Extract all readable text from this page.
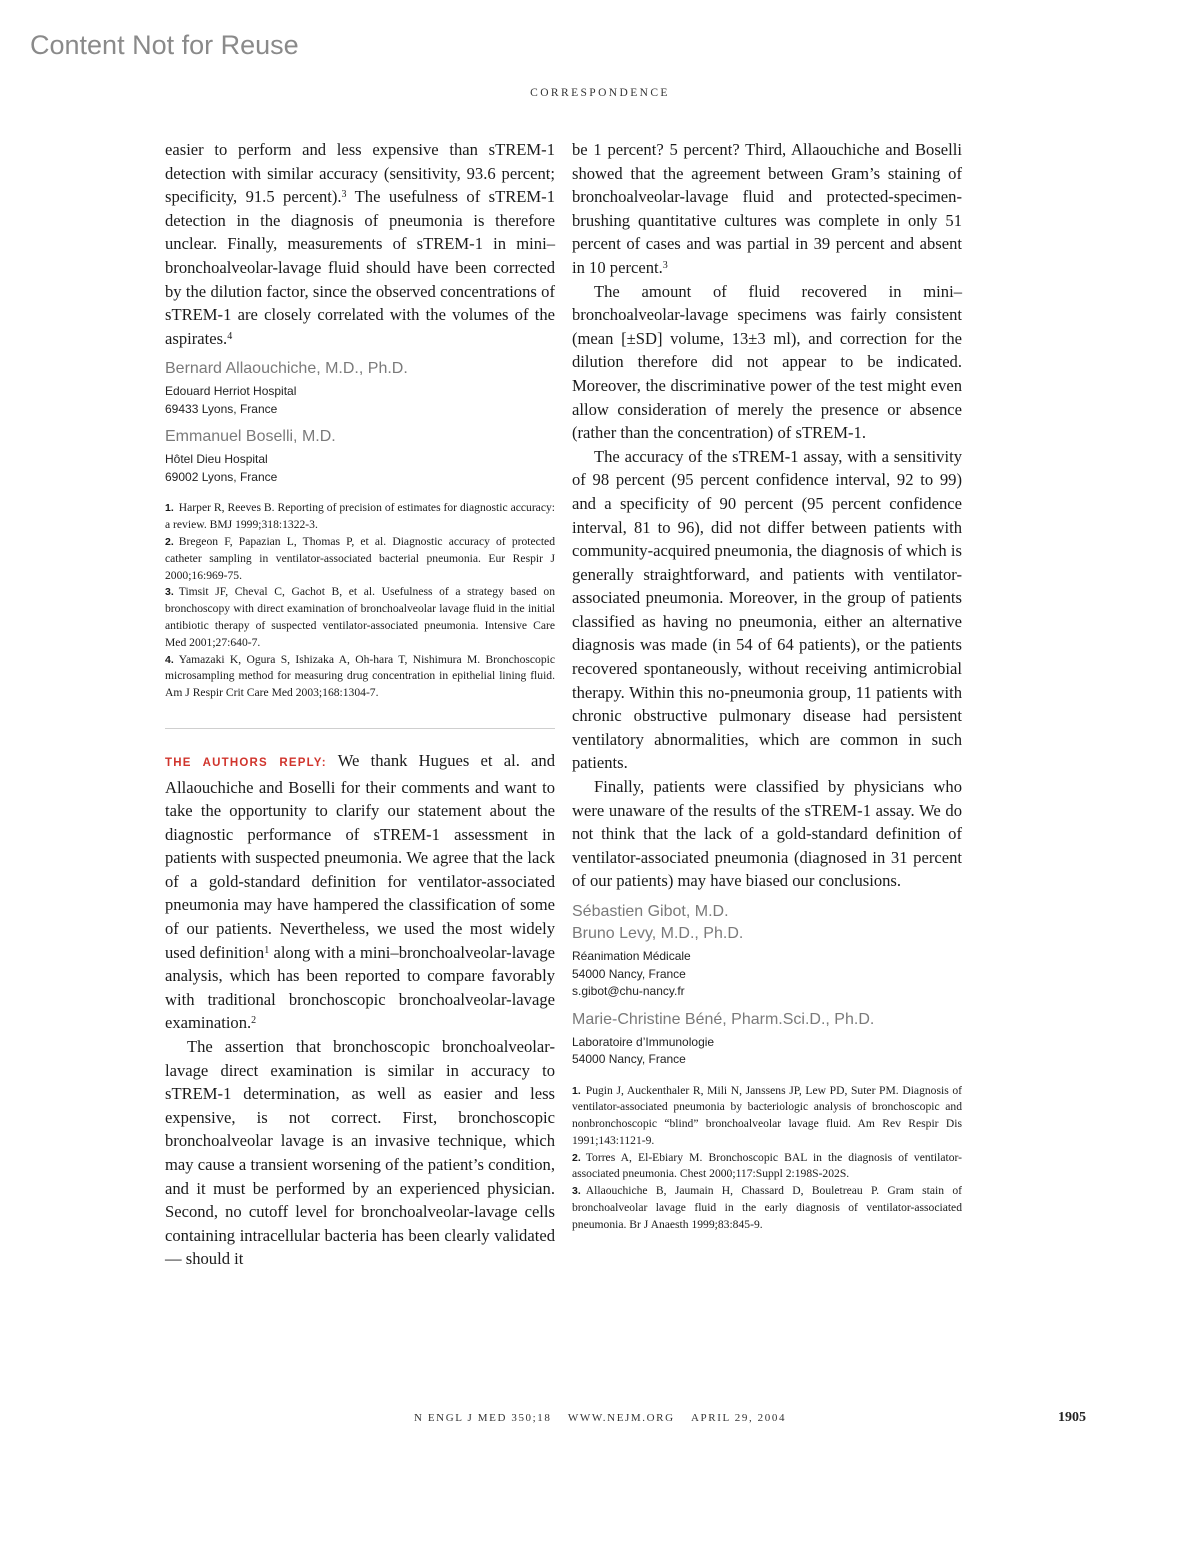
Content Not for Reuse
CORRESPONDENCE

easier to perform and less expensive than sTREM-1 detection with similar accuracy (sensitivity, 93.6 percent; specificity, 91.5 percent).$^3$ The usefulness of sTREM-1 detection in the diagnosis of pneumonia is therefore unclear. Finally, measurements of sTREM-1 in mini–bronchoalveolar-lavage fluid should have been corrected by the dilution factor, since the observed concentrations of sTREM-1 are closely correlated with the volumes of the aspirates.$^4$

Bernard Allaouchiche, M.D., Ph.D.
Edouard Herriot Hospital
69433 Lyons, France
Emmanuel Boselli, M.D.
Hôtel Dieu Hospital
69002 Lyons, France

1. Harper R, Reeves B. Reporting of precision of estimates for diagnostic accuracy: a review. BMJ 1999;318:1322-3.

2. Bregeon F, Papazian L, Thomas P, et al. Diagnostic accuracy of protected catheter sampling in ventilator-associated bacterial pneumonia. Eur Respir J 2000;16:969-75.

3. Timsit JF, Cheval C, Gachot B, et al. Usefulness of a strategy based on bronchoscopy with direct examination of bronchoalveolar lavage fluid in the initial antibiotic therapy of suspected ventilator-associated pneumonia. Intensive Care Med 2001;27:640-7.

4. Yamazaki K, Ogura S, Ishizaka A, Oh-hara T, Nishimura M. Bronchoscopic microsampling method for measuring drug concentration in epithelial lining fluid. Am J Respir Crit Care Med 2003;168:1304-7.

THE AUTHORS REPLY: We thank Hugues et al. and Allaouchiche and Boselli for their comments and want to take the opportunity to clarify our statement about the diagnostic performance of sTREM-1 assessment in patients with suspected pneumonia. We agree that the lack of a gold-standard definition for ventilator-associated pneumonia may have hampered the classification of some of our patients. Nevertheless, we used the most widely used definition$^1$ along with a mini–bronchoalveolar-lavage analysis, which has been reported to compare favorably with traditional bronchoscopic bronchoalveolar-lavage examination.$^2$

The assertion that bronchoscopic bronchoalveolar-lavage direct examination is similar in accuracy to sTREM-1 determination, as well as easier and less expensive, is not correct. First, bronchoscopic bronchoalveolar lavage is an invasive technique, which may cause a transient worsening of the patient’s condition, and it must be performed by an experienced physician. Second, no cutoff level for bronchoalveolar-lavage cells containing intracellular bacteria has been clearly validated — should it

be 1 percent? 5 percent? Third, Allaouchiche and Boselli showed that the agreement between Gram’s staining of bronchoalveolar-lavage fluid and protected-specimen-brushing quantitative cultures was complete in only 51 percent of cases and was partial in 39 percent and absent in 10 percent.$^3$

The amount of fluid recovered in mini–bronchoalveolar-lavage specimens was fairly consistent (mean [±SD] volume, 13±3 ml), and correction for the dilution therefore did not appear to be indicated. Moreover, the discriminative power of the test might even allow consideration of merely the presence or absence (rather than the concentration) of sTREM-1.

The accuracy of the sTREM-1 assay, with a sensitivity of 98 percent (95 percent confidence interval, 92 to 99) and a specificity of 90 percent (95 percent confidence interval, 81 to 96), did not differ between patients with community-acquired pneumonia, the diagnosis of which is generally straightforward, and patients with ventilator-associated pneumonia. Moreover, in the group of patients classified as having no pneumonia, either an alternative diagnosis was made (in 54 of 64 patients), or the patients recovered spontaneously, without receiving antimicrobial therapy. Within this no-pneumonia group, 11 patients with chronic obstructive pulmonary disease had persistent ventilatory abnormalities, which are common in such patients.

Finally, patients were classified by physicians who were unaware of the results of the sTREM-1 assay. We do not think that the lack of a gold-standard definition of ventilator-associated pneumonia (diagnosed in 31 percent of our patients) may have biased our conclusions.

Sébastien Gibot, M.D.
Bruno Levy, M.D., Ph.D.
Réanimation Médicale
54000 Nancy, France
s.gibot@chu-nancy.fr
Marie-Christine Béné, Pharm.Sci.D., Ph.D.
Laboratoire d’Immunologie
54000 Nancy, France

1. Pugin J, Auckenthaler R, Mili N, Janssens JP, Lew PD, Suter PM. Diagnosis of ventilator-associated pneumonia by bacteriologic analysis of bronchoscopic and nonbronchoscopic “blind” bronchoalveolar lavage fluid. Am Rev Respir Dis 1991;143:1121-9.

2. Torres A, El-Ebiary M. Bronchoscopic BAL in the diagnosis of ventilator-associated pneumonia. Chest 2000;117:Suppl 2:198S-202S.

3. Allaouchiche B, Jaumain H, Chassard D, Bouletreau P. Gram stain of bronchoalveolar lavage fluid in the early diagnosis of ventilator-associated pneumonia. Br J Anaesth 1999;83:845-9.

N ENGL J MED 350;18 WWW.NEJM.ORG APRIL 29, 2004	1905
